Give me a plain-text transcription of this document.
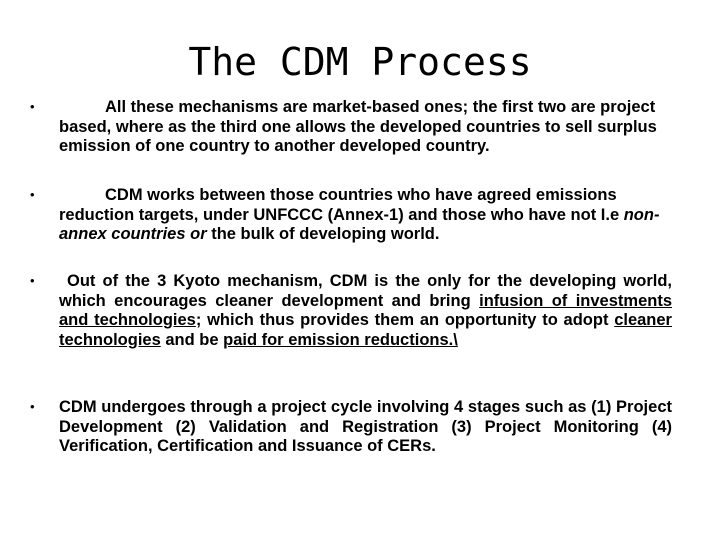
The CDM Process
•	All these mechanisms are market-based ones; the first two are project based, where as the third one allows the developed countries to sell surplus emission of one country to another developed country.
•	CDM works between those countries who have agreed emissions reduction targets, under UNFCCC (Annex-1) and those who have not I.e non-annex countries or the bulk of developing world.
•	Out of the 3 Kyoto mechanism, CDM is the only for the developing world, which encourages cleaner development and bring infusion of investments and technologies; which thus provides them an opportunity to adopt cleaner technologies and be paid for emission reductions.\
• CDM undergoes through a project cycle involving 4 stages such as (1) Project Development (2) Validation and Registration (3) Project Monitoring (4) Verification, Certification and Issuance of CERs.
